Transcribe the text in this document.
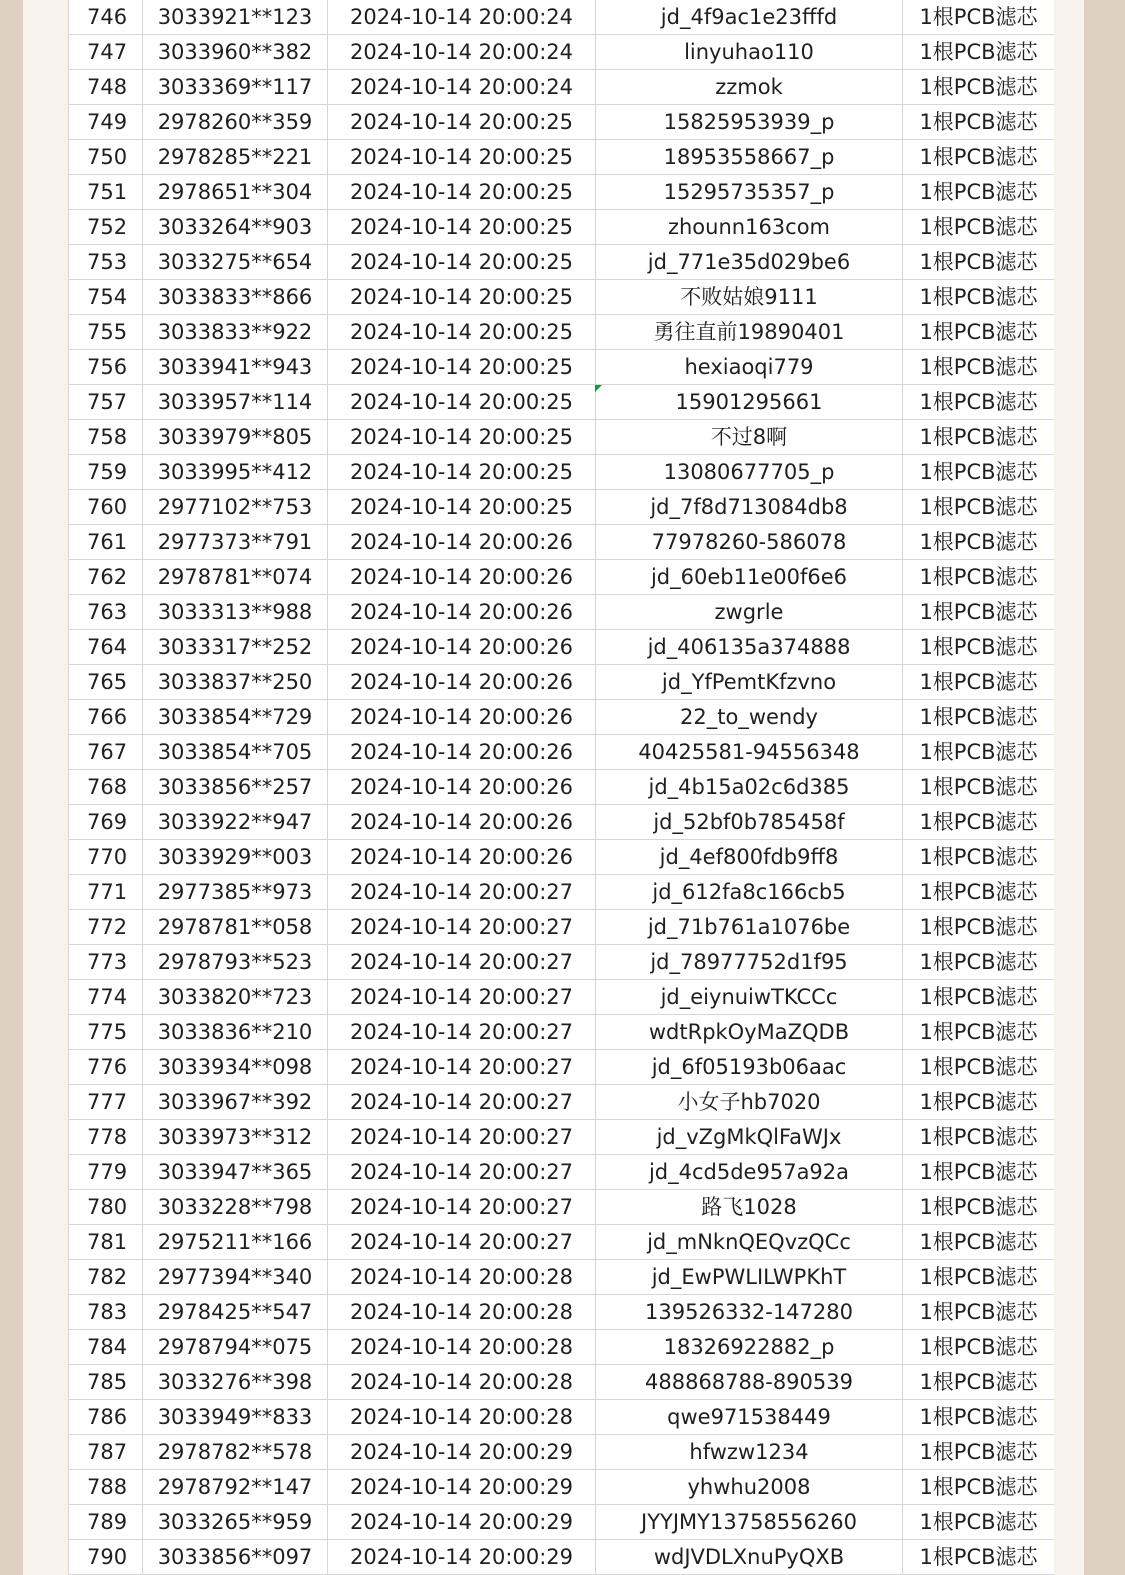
746	3033921**123	2024-10-14 20:00:24	jd_4f9ac1e23fffd	1根PCB滤芯
747	3033960**382	2024-10-14 20:00:24	linyuhao110	1根PCB滤芯
748	3033369**117	2024-10-14 20:00:24	zzmok	1根PCB滤芯
749	2978260**359	2024-10-14 20:00:25	15825953939_p	1根PCB滤芯
750	2978285**221	2024-10-14 20:00:25	18953558667_p	1根PCB滤芯
751	2978651**304	2024-10-14 20:00:25	15295735357_p	1根PCB滤芯
752	3033264**903	2024-10-14 20:00:25	zhounn163com	1根PCB滤芯
753	3033275**654	2024-10-14 20:00:25	jd_771e35d029be6	1根PCB滤芯
754	3033833**866	2024-10-14 20:00:25	不败姑娘9111	1根PCB滤芯
755	3033833**922	2024-10-14 20:00:25	勇往直前19890401	1根PCB滤芯
756	3033941**943	2024-10-14 20:00:25	hexiaoqi779	1根PCB滤芯
757	3033957**114	2024-10-14 20:00:25	15901295661	1根PCB滤芯
758	3033979**805	2024-10-14 20:00:25	不过8啊	1根PCB滤芯
759	3033995**412	2024-10-14 20:00:25	13080677705_p	1根PCB滤芯
760	2977102**753	2024-10-14 20:00:25	jd_7f8d713084db8	1根PCB滤芯
761	2977373**791	2024-10-14 20:00:26	77978260-586078	1根PCB滤芯
762	2978781**074	2024-10-14 20:00:26	jd_60eb11e00f6e6	1根PCB滤芯
763	3033313**988	2024-10-14 20:00:26	zwgrle	1根PCB滤芯
764	3033317**252	2024-10-14 20:00:26	jd_406135a374888	1根PCB滤芯
765	3033837**250	2024-10-14 20:00:26	jd_YfPemtKfzvno	1根PCB滤芯
766	3033854**729	2024-10-14 20:00:26	22_to_wendy	1根PCB滤芯
767	3033854**705	2024-10-14 20:00:26	40425581-94556348	1根PCB滤芯
768	3033856**257	2024-10-14 20:00:26	jd_4b15a02c6d385	1根PCB滤芯
769	3033922**947	2024-10-14 20:00:26	jd_52bf0b785458f	1根PCB滤芯
770	3033929**003	2024-10-14 20:00:26	jd_4ef800fdb9ff8	1根PCB滤芯
771	2977385**973	2024-10-14 20:00:27	jd_612fa8c166cb5	1根PCB滤芯
772	2978781**058	2024-10-14 20:00:27	jd_71b761a1076be	1根PCB滤芯
773	2978793**523	2024-10-14 20:00:27	jd_78977752d1f95	1根PCB滤芯
774	3033820**723	2024-10-14 20:00:27	jd_eiynuiwTKCCc	1根PCB滤芯
775	3033836**210	2024-10-14 20:00:27	wdtRpkOyMaZQDB	1根PCB滤芯
776	3033934**098	2024-10-14 20:00:27	jd_6f05193b06aac	1根PCB滤芯
777	3033967**392	2024-10-14 20:00:27	小女子hb7020	1根PCB滤芯
778	3033973**312	2024-10-14 20:00:27	jd_vZgMkQlFaWJx	1根PCB滤芯
779	3033947**365	2024-10-14 20:00:27	jd_4cd5de957a92a	1根PCB滤芯
780	3033228**798	2024-10-14 20:00:27	路飞1028	1根PCB滤芯
781	2975211**166	2024-10-14 20:00:27	jd_mNknQEQvzQCc	1根PCB滤芯
782	2977394**340	2024-10-14 20:00:28	jd_EwPWLILWPKhT	1根PCB滤芯
783	2978425**547	2024-10-14 20:00:28	139526332-147280	1根PCB滤芯
784	2978794**075	2024-10-14 20:00:28	18326922882_p	1根PCB滤芯
785	3033276**398	2024-10-14 20:00:28	488868788-890539	1根PCB滤芯
786	3033949**833	2024-10-14 20:00:28	qwe971538449	1根PCB滤芯
787	2978782**578	2024-10-14 20:00:29	hfwzw1234	1根PCB滤芯
788	2978792**147	2024-10-14 20:00:29	yhwhu2008	1根PCB滤芯
789	3033265**959	2024-10-14 20:00:29	JYYJMY13758556260	1根PCB滤芯
790	3033856**097	2024-10-14 20:00:29	wdJVDLXnuPyQXB	1根PCB滤芯
